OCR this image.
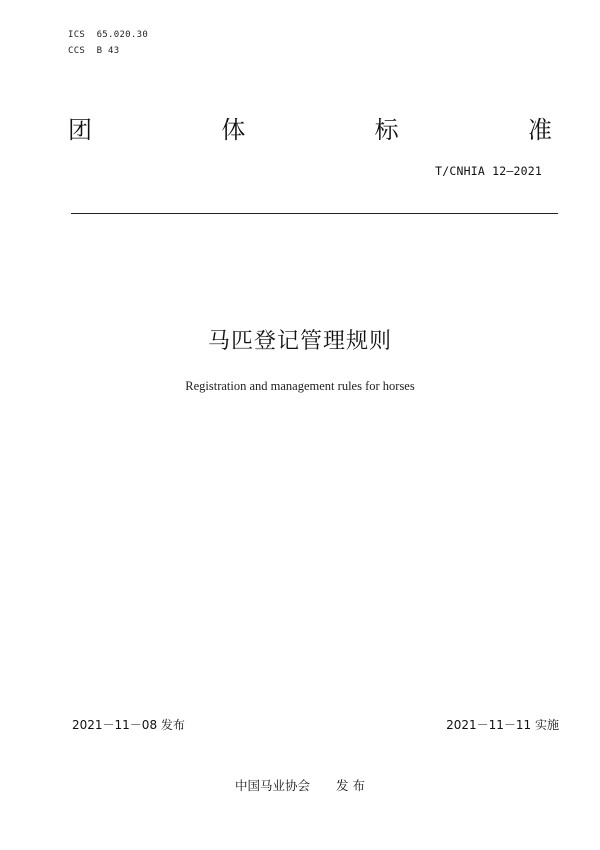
ICS  65.020.30
CCS  B 43
团	体	标	准
T/CNHIA 12—2021
马匹登记管理规则
Registration and management rules for horses
2021－11－08 发布	2021－11－11 实施
中国马业协会 发 布
